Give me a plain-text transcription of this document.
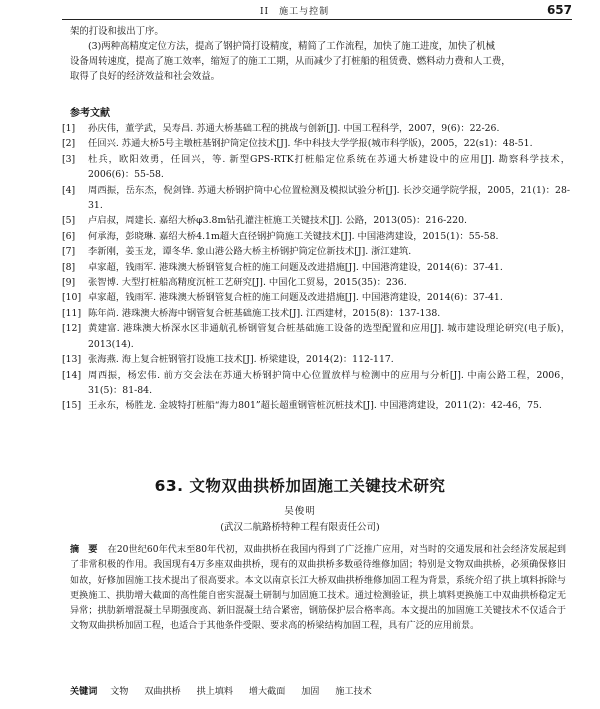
II　施工与控制	657

架的打设和拔出丁序。

(3)两种高精度定位方法，提高了钢护筒打设精度，精简了工作流程，加快了施工进度，加快了机械

设备周转速度，提高了施工效率，缩短了的施工工期，从而减少了打桩船的租赁费、燃料动力费和人工费，

取得了良好的经济效益和社会效益。

参考文献
[1] 孙庆伟，董学武，吴寿昌. 苏通大桥基础工程的挑战与创新[J]. 中国工程科学，2007，9(6)：22-26.
[2] 任回兴. 苏通大桥5号主墩桩基钢护筒定位技术[J]. 华中科技大学学报(城市科学版)，2005，22(s1)：48-51.
[3] 杜兵，欧阳效勇，任回兴，等. 新型GPS-RTK打桩船定位系统在苏通大桥建设中的应用[J]. 勘察科学技术，2006(6)：55-58.
[4] 周西振，岳东杰，倪剑锋. 苏通大桥钢护筒中心位置检测及模拟试验分析[J]. 长沙交通学院学报，2005，21(1)：28-31.
[5] 卢启叔，周建长. 嘉绍大桥φ3.8m钻孔灌注桩施工关键技术[J]. 公路，2013(05)：216-220.
[6] 何承海，彭晓琳. 嘉绍大桥4.1m超大直径钢护筒施工关键技术[J]. 中国港湾建设，2015(1)：55-58.
[7] 李新刚，姜玉龙，谭冬华. 象山港公路大桥主桥钢护筒定位新技术[J]. 浙江建筑.
[8] 卓家超，钱雨军. 港珠澳大桥钢管复合桩的施工问题及改进措施[J]. 中国港湾建设，2014(6)：37-41.
[9] 张智博. 大型打桩船高精度沉桩工艺研究[J]. 中国化工贸易，2015(35)：236.
[10] 卓家超，钱雨军. 港珠澳大桥钢管复合桩的施工问题及改进措施[J]. 中国港湾建设，2014(6)：37-41.
[11] 陈年尚. 港珠澳大桥海中钢管复合桩基础施工技术[J]. 江西建材，2015(8)：137-138.
[12] 黄建富. 港珠澳大桥深水区非通航孔桥钢管复合桩基础施工设备的选型配置和应用[J]. 城市建设理论研究(电子版)，2013(14).
[13] 张海燕. 海上复合桩钢管打设施工技术[J]. 桥梁建设，2014(2)：112-117.
[14] 周西振，杨宏伟. 前方交会法在苏通大桥钢护筒中心位置放样与检测中的应用与分析[J]. 中南公路工程，2006，31(5)：81-84.
[15] 王永东，杨胜龙. 金坡特打桩船“海力801”超长超重钢管桩沉桩技术[J]. 中国港湾建设，2011(2)：42-46，75.
63. 文物双曲拱桥加固施工关键技术研究
吴俊明
(武汉二航路桥特种工程有限责任公司)
摘　要 在20世纪60年代末至80年代初，双曲拱桥在我国内得到了广泛推广应用，对当时的交通发展和社会经济发展起到了非常积极的作用。我国现有4万多座双曲拱桥，现有的双曲拱桥多数亟待维修加固；特别是文物双曲拱桥，必须确保修旧如故，好修加固施工技术提出了很高要求。本文以南京长江大桥双曲拱桥维修加固工程为背景，系统介绍了拱上填料拆除与更换施工、拱肋增大截面的高性能自密实混凝土研制与加固施工技术。通过检测验证，拱上填料更换施工中双曲拱桥稳定无异常；拱肋新增混凝土早期强度高、新旧混凝土结合紧密，钢筋保护层合格率高。本文提出的加固施工关键技术不仅适合于文物双曲拱桥加固工程，也适合于其他条件受限、要求高的桥梁结构加固工程，具有广泛的应用前景。
关键词 文物 双曲拱桥 拱上填料 增大截面 加固 施工技术
